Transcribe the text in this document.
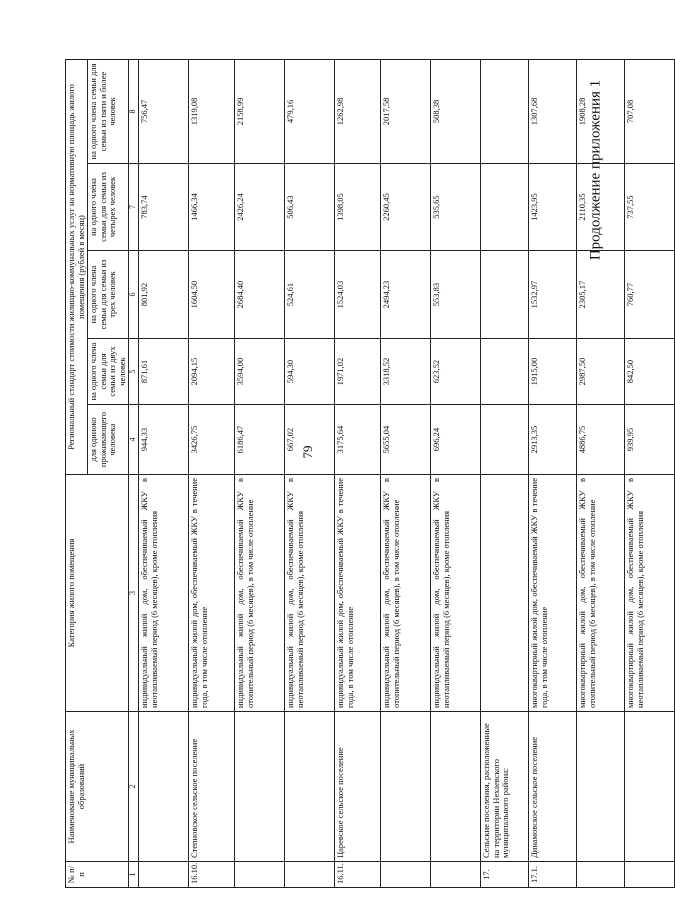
79
Продолжение приложения 1
№ п/п	Наименование муниципальных образований	Категория жилого помещения	Региональный стандарт стоимости жилищно-коммунальных услуг на нормативную площадь жилого помещения (рублей в месяц)				
			для одиноко проживающего человека	на одного члена семьи для семьи из двух человек	на одного члена семьи для семьи из трех человек	на одного члена семьи для семьи из четырех человек	на одного члена семьи для семьи из пяти и более человек
1	2	3	4	5	6	7	8
		индивидуальный жилой дом, обеспечиваемый ЖКУ в неотапливаемый период (6 месяцев), кроме отопления	944,33	871,61	801,92	783,74	756,47
16.10.	Степновское сельское поселение	индивидуальный жилой дом, обеспечиваемый ЖКУ в течение года, в том числе отопление	3426,75	2094,15	1604,50	1466,34	1319,08
		индивидуальный жилой дом, обеспечиваемый ЖКУ в отопительный период (6 месяцев), в том числе отопление	6186,47	3594,00	2684,40	2426,24	2158,99
		индивидуальный жилой дом, обеспечиваемый ЖКУ в неотапливаемый период (6 месяцев), кроме отопления	667,02	594,30	524,61	506,43	479,16
16.11.	Царевское сельское поселение	индивидуальный жилой дом, обеспечиваемый ЖКУ в течение года, в том числе отопление	3175,64	1971,02	1524,03	1398,05	1262,98
		индивидуальный жилой дом, обеспечиваемый ЖКУ в отопительный период (6 месяцев), в том числе отопление	5655,04	3318,52	2494,23	2260,45	2017,58
		индивидуальный жилой дом, обеспечиваемый ЖКУ в неотапливаемый период (6 месяцев), кроме отопления	696,24	623,52	553,83	535,65	508,38
17.	Сельские поселения, расположенные на территории Нехаевского муниципального района:						
17.1.	Динамовское сельское поселение	многоквартирный жилой дом, обеспечиваемый ЖКУ в течение года, в том числе отопление	2913,35	1915,00	1532,97	1423,95	1307,68
		многоквартирный жилой дом, обеспечиваемый ЖКУ в отопительный период (6 месяцев), в том числе отопление	4886,75	2987,50	2305,17	2110,35	1908,28
		многоквартирный жилой дом, обеспечиваемый ЖКУ в неотапливаемый период (6 месяцев), кроме отопления	939,95	842,50	760,77	737,55	707,08
